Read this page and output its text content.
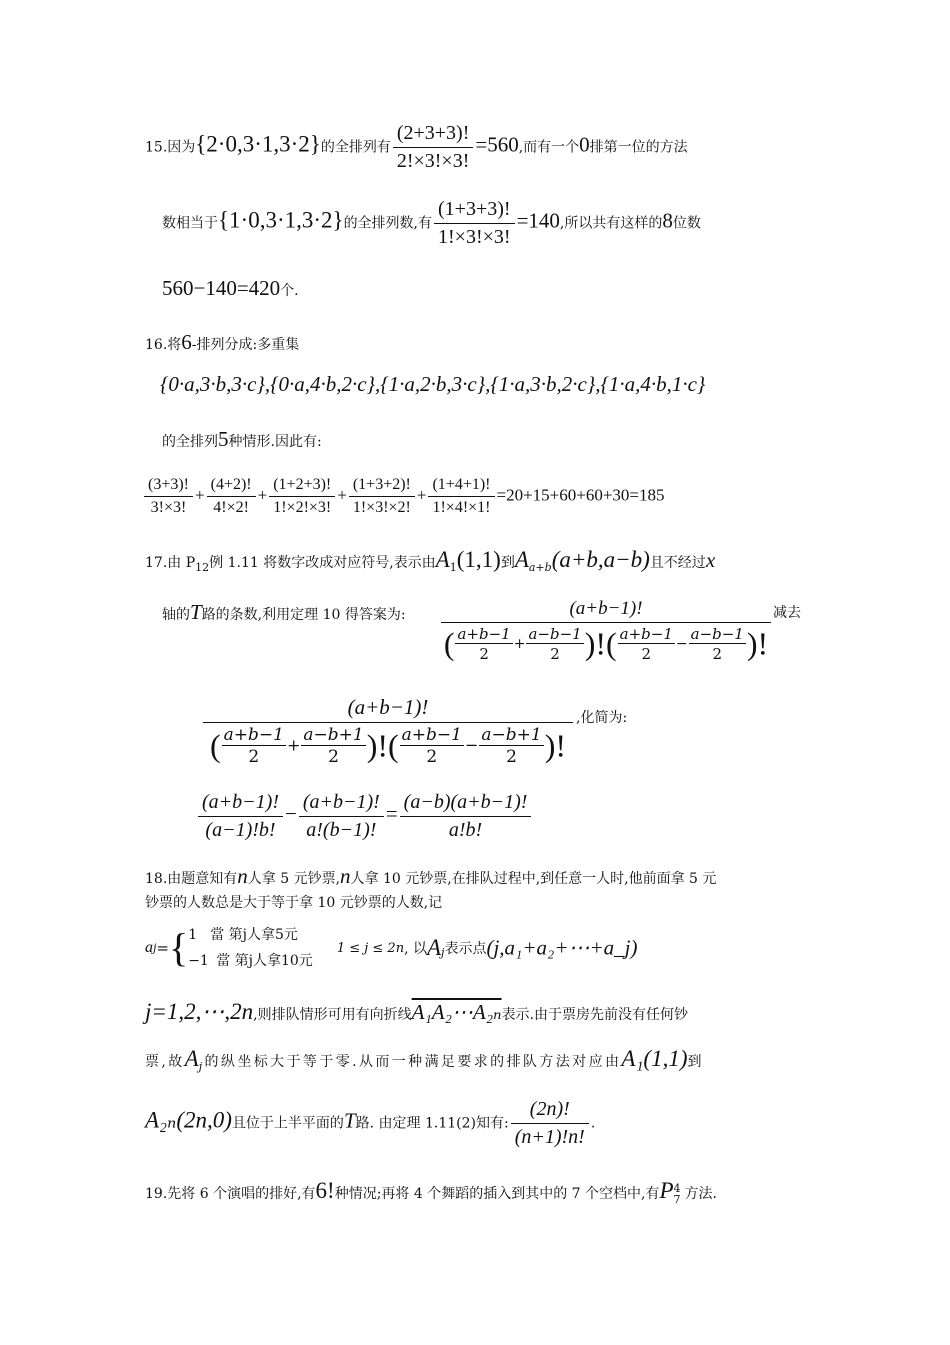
15.因为{2·0,3·1,3·2}的全排列有 $\frac{(2+3+3)!}{2!\times 3!\times 3!} =560$,而有一个0排第一位的方法
数相当于{1·0,3·1,3·2}的全排列数,有 $\frac{(1+3+3)!}{1!\times 3!\times 3!} =140$,所以共有这样的8位数
560−140=420个.
16.将6-排列分成:多重集
{0·a,3·b,3·c},{0·a,4·b,2·c},{1·a,2·b,3·c},{1·a,3·b,2·c},{1·a,4·b,1·c}
的全排列5种情形.因此有:
$\frac{(3+3)!}{3!\times 3!} + \frac{(4+2)!}{4!\times 2!} + \frac{(1+2+3)!}{1!\times 2!\times 3!} + \frac{(1+3+2)!}{1!\times 3!\times 2!} + \frac{(1+4+1)!}{1!\times 4!\times 1!} =20+15+60+60+30=185$
17.由 $P_{12}$例 1.11 将数字改成对应符号,表示由$A_1(1,1)$到$A_{a+b}(a+b,a-b)$且不经过x
轴的T路的条数,利用定理 10 得答案为:	减去
(a+b−1)!
( $\frac{a+b-1}{2} + \frac{a-b-1}{2}$ )!( $\frac{a+b-1}{2} - \frac{a-b-1}{2}$ )!
(a+b−1)!
( $\frac{a+b-1}{2} + \frac{a-b+1}{2}$ )!( $\frac{a+b-1}{2} - \frac{a-b+1}{2}$ )!
,化简为:
$\frac{(a+b-1)!}{(a-1)!b!} - \frac{(a+b-1)!}{a!(b-1)!} = \frac{(a-b)(a+b-1)!}{a!b!}$
18.由题意知有n人拿 5 元钞票,n人拿 10 元钞票,在排队过程中,到任意一人时,他前面拿 5 元
钞票的人数总是大于等于拿 10 元钞票的人数,记
aj={ 1 當 第j人拿5元
−1 當 第j人拿10元
1 ≤ j ≤ 2n, 以$A_j$表示点(j,a₁+a₂+⋯+a_j)
j=1,2,⋯,2n,则排队情形可用有向折线A₁A₂⋯A₂ₙ表示.由于票房先前没有任何钞
票,故$A_j$的纵坐标大于等于零.从而一种满足要求的排队方法对应由A₁(1,1)到
A₂ₙ(2n,0)且位于上半平面的T路. 由定理 1.11(2)知有: $\frac{(2n)!}{(n+1)!n!}$ .
19.先将 6 个演唱的排好,有6!种情况;再将 4 个舞蹈的插入到其中的 7 个空档中,有P 4
7 方法.
